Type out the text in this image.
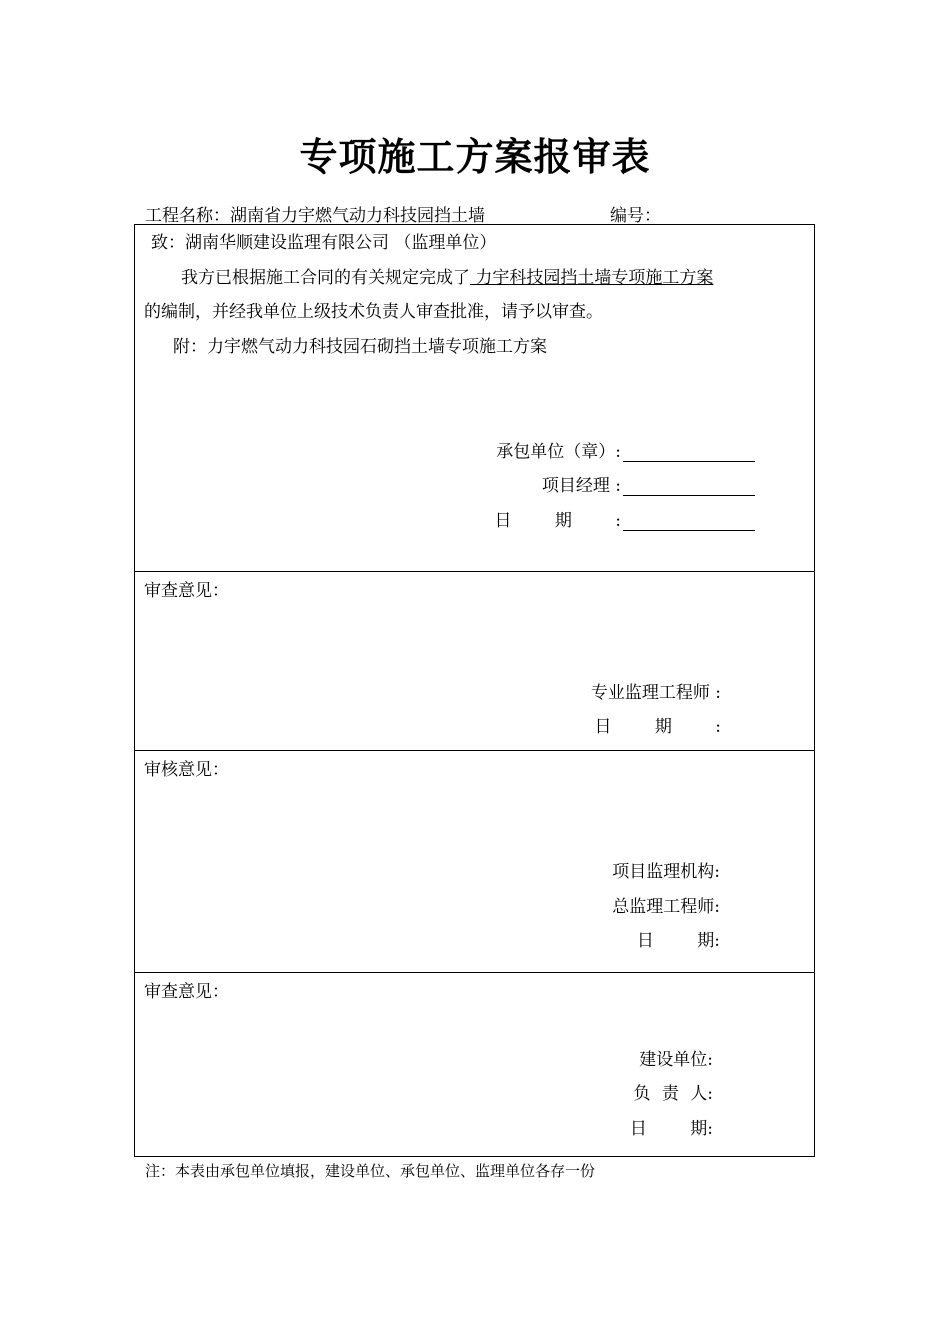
专项施工方案报审表
工程名称：湖南省力宇燃气动力科技园挡土墙	编号：
致：湖南华顺建设监理有限公司 （监理单位）
我方已根据施工合同的有关规定完成了 力宇科技园挡土墙专项施工方案
的编制，并经我单位上级技术负责人审查批准，请予以审查。
附：力宇燃气动力科技园石砌挡土墙专项施工方案
承包单位（章）:
项目经理 :
日 期 :
审查意见：
专业监理工程师 :
日 期 :
审核意见：
项目监理机构:
总监理工程师:
日 期:
审查意见：
建设单位:
负 责 人:
日 期:
注：本表由承包单位填报，建设单位、承包单位、监理单位各存一份
